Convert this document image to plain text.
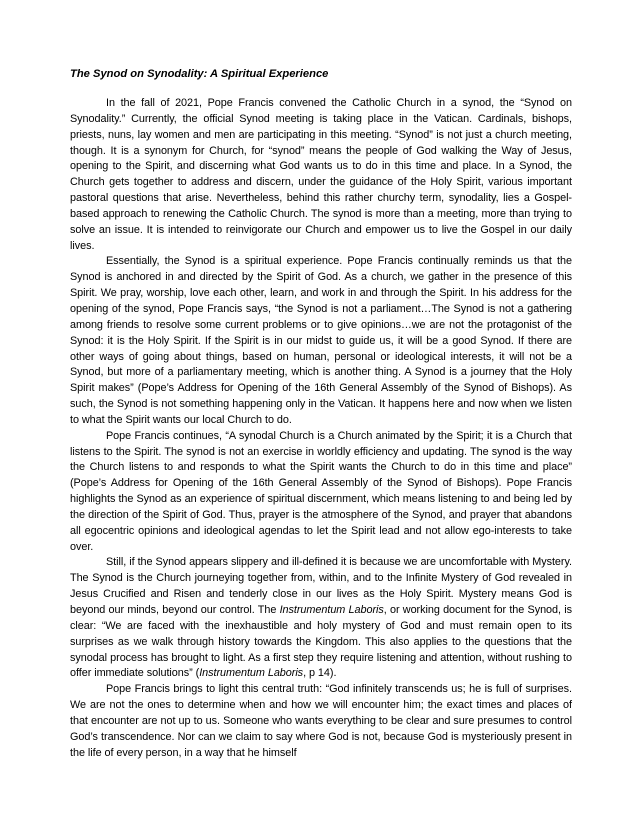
The Synod on Synodality: A Spiritual Experience

In the fall of 2021, Pope Francis convened the Catholic Church in a synod, the “Synod on Synodality.” Currently, the official Synod meeting is taking place in the Vatican. Cardinals, bishops, priests, nuns, lay women and men are participating in this meeting. “Synod” is not just a church meeting, though. It is a synonym for Church, for “synod” means the people of God walking the Way of Jesus, opening to the Spirit, and discerning what God wants us to do in this time and place. In a Synod, the Church gets together to address and discern, under the guidance of the Holy Spirit, various important pastoral questions that arise. Nevertheless, behind this rather churchy term, synodality, lies a Gospel-based approach to renewing the Catholic Church. The synod is more than a meeting, more than trying to solve an issue. It is intended to reinvigorate our Church and empower us to live the Gospel in our daily lives.

Essentially, the Synod is a spiritual experience. Pope Francis continually reminds us that the Synod is anchored in and directed by the Spirit of God. As a church, we gather in the presence of this Spirit. We pray, worship, love each other, learn, and work in and through the Spirit. In his address for the opening of the synod, Pope Francis says, “the Synod is not a parliament…The Synod is not a gathering among friends to resolve some current problems or to give opinions…we are not the protagonist of the Synod: it is the Holy Spirit. If the Spirit is in our midst to guide us, it will be a good Synod. If there are other ways of going about things, based on human, personal or ideological interests, it will not be a Synod, but more of a parliamentary meeting, which is another thing. A Synod is a journey that the Holy Spirit makes” (Pope’s Address for Opening of the 16th General Assembly of the Synod of Bishops). As such, the Synod is not something happening only in the Vatican. It happens here and now when we listen to what the Spirit wants our local Church to do.

Pope Francis continues, “A synodal Church is a Church animated by the Spirit; it is a Church that listens to the Spirit. The synod is not an exercise in worldly efficiency and updating. The synod is the way the Church listens to and responds to what the Spirit wants the Church to do in this time and place” (Pope’s Address for Opening of the 16th General Assembly of the Synod of Bishops). Pope Francis highlights the Synod as an experience of spiritual discernment, which means listening to and being led by the direction of the Spirit of God. Thus, prayer is the atmosphere of the Synod, and prayer that abandons all egocentric opinions and ideological agendas to let the Spirit lead and not allow ego-interests to take over.

Still, if the Synod appears slippery and ill-defined it is because we are uncomfortable with Mystery. The Synod is the Church journeying together from, within, and to the Infinite Mystery of God revealed in Jesus Crucified and Risen and tenderly close in our lives as the Holy Spirit. Mystery means God is beyond our minds, beyond our control. The Instrumentum Laboris, or working document for the Synod, is clear: “We are faced with the inexhaustible and holy mystery of God and must remain open to its surprises as we walk through history towards the Kingdom. This also applies to the questions that the synodal process has brought to light. As a first step they require listening and attention, without rushing to offer immediate solutions” (Instrumentum Laboris, p 14).

Pope Francis brings to light this central truth: “God infinitely transcends us; he is full of surprises. We are not the ones to determine when and how we will encounter him; the exact times and places of that encounter are not up to us. Someone who wants everything to be clear and sure presumes to control God’s transcendence. Nor can we claim to say where God is not, because God is mysteriously present in the life of every person, in a way that he himself
